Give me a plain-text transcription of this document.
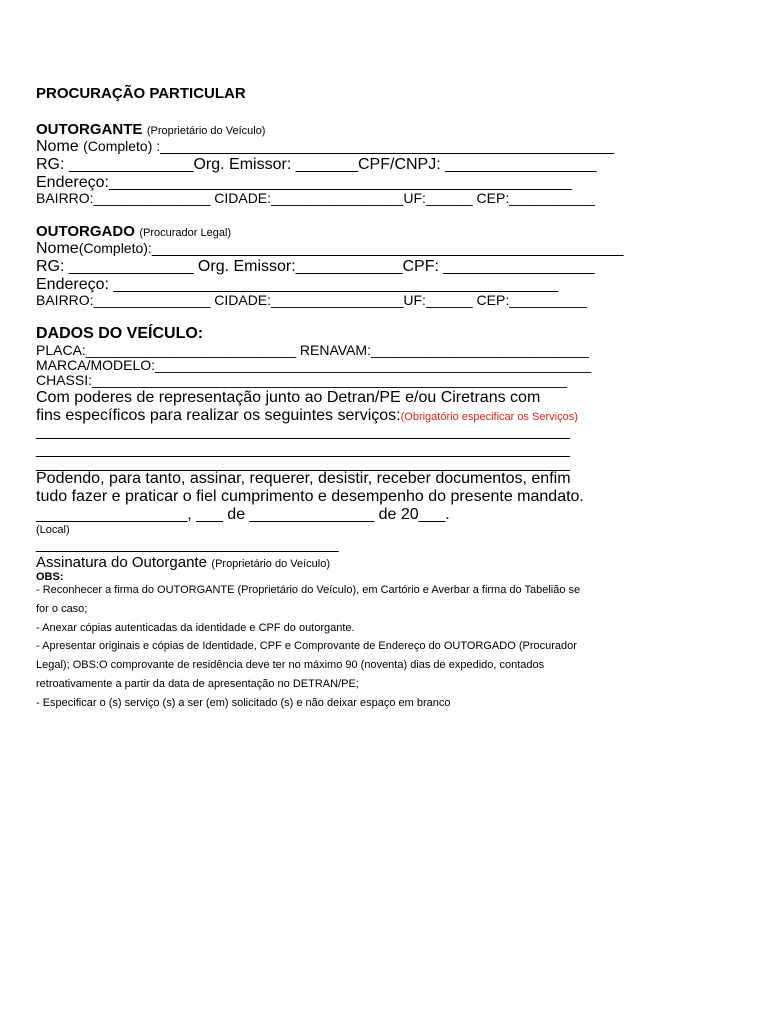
PROCURAÇÃO PARTICULAR

OUTORGANTE (Proprietário do Veículo)

Nome (Completo) :___________________________________________________

RG: ______________Org. Emissor: _______CPF/CNPJ: _________________

Endereço:____________________________________________________

BAIRRO:_______________ CIDADE:_________________UF:______ CEP:___________

OUTORGADO (Procurador Legal)

Nome(Completo):_____________________________________________________

RG: ______________ Org. Emissor:____________CPF: _________________

Endereço: __________________________________________________

BAIRRO:_______________ CIDADE:_________________UF:______ CEP:__________

DADOS DO VEÍCULO:

PLACA:___________________________ RENAVAM:____________________________

MARCA/MODELO:________________________________________________________

CHASSI:_____________________________________________________________

Com poderes de representação junto ao Detran/PE e/ou Ciretrans com

fins específicos para realizar os seguintes serviços:(Obrigatório especificar os Serviços)

____________________________________________________________

____________________________________________________________

____________________________________________________________

Podendo, para tanto, assinar, requerer, desistir, receber documentos, enfim

tudo fazer e praticar o fiel cumprimento e desempenho do presente mandato.

_________________, ___ de ______________ de 20___.

(Local)

__________________________________

Assinatura do Outorgante (Proprietário do Veículo)

OBS:

- Reconhecer a firma do OUTORGANTE (Proprietário do Veículo), em Cartório e Averbar a firma do Tabelião se

for o caso;

- Anexar cópias autenticadas da identidade e CPF do outorgante.

- Apresentar originais e cópias de Identidade, CPF e Comprovante de Endereço do OUTORGADO (Procurador

Legal); OBS:O comprovante de residência deve ter no máximo 90 (noventa) dias de expedido, contados

retroativamente a partir da data de apresentação no DETRAN/PE;

- Especificar o (s) serviço (s) a ser (em) solicitado (s) e não deixar espaço em branco
